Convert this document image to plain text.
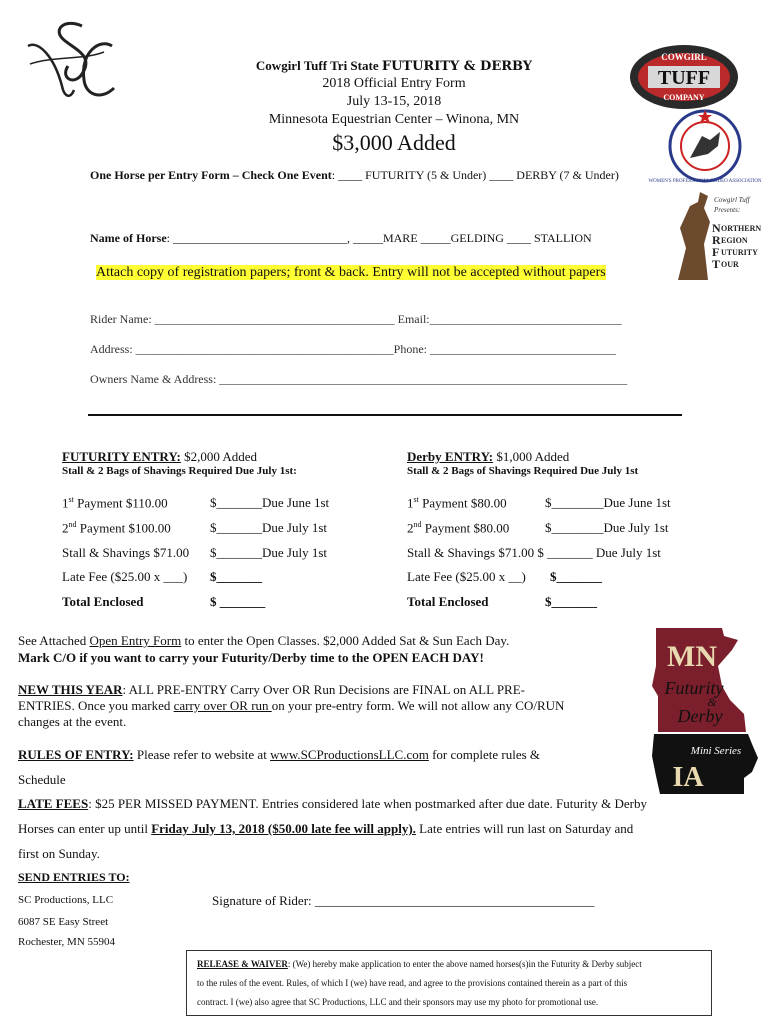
COWGIRL
TUFF
COMPANY
WOMEN'S PROFESSIONAL RODEO ASSOCIATION
Cowgirl Tuff
Presents:
N
R
F
T
ORTHERN
EGION
UTURITY
OUR
Cowgirl Tuff Tri State FUTURITY & DERBY
2018 Official Entry Form
July 13-15, 2018
Minnesota Equestrian Center – Winona, MN
$3,000 Added
One Horse per Entry Form – Check One Event: ____ FUTURITY (5 & Under) ____ DERBY (7 & Under)
Name of Horse: _____________________________, _____MARE _____GELDING ____ STALLION
Attach copy of registration papers; front & back. Entry will not be accepted without papers
Rider Name: ________________________________________ Email:________________________________
Address: ___________________________________________Phone: _______________________________
Owners Name & Address: ____________________________________________________________________
FUTURITY ENTRY: $2,000 Added
Stall & 2 Bags of Shavings Required Due July 1st:
1st Payment $110.00	$_______Due June 1st
2nd Payment $100.00	$_______Due July 1st
Stall & Shavings $71.00 $_______Due July 1st
Late Fee ($25.00 x ___) $_______
Total Enclosed	$ _______
Derby ENTRY: $1,000 Added
Stall & 2 Bags of Shavings Required Due July 1st
1st Payment $80.00	$________Due June 1st
2nd Payment $80.00	$________Due July 1st
Stall & Shavings $71.00 $ _______ Due July 1st
Late Fee ($25.00 x __) $_______
Total Enclosed	$_______
MN
Futurity
&
Derby
Mini Series
IA
See Attached Open Entry Form to enter the Open Classes. $2,000 Added Sat & Sun Each Day.
Mark C/O if you want to carry your Futurity/Derby time to the OPEN EACH DAY!
NEW THIS YEAR: ALL PRE-ENTRY Carry Over OR Run Decisions are FINAL on ALL PRE-
ENTRIES. Once you marked carry over OR run on your pre-entry form. We will not allow any CO/RUN
changes at the event.
RULES OF ENTRY: Please refer to website at www.SCProductionsLLC.com for complete rules &
Schedule
LATE FEES: $25 PER MISSED PAYMENT. Entries considered late when postmarked after due date. Futurity & Derby
Horses can enter up until Friday July 13, 2018 ($50.00 late fee will apply). Late entries will run last on Saturday and
first on Sunday.
SEND ENTRIES TO:
SC Productions, LLC
6087 SE Easy Street
Rochester, MN 55904
Signature of Rider: ___________________________________________
RELEASE & WAIVER: (We) hereby make application to enter the above named horses(s)in the Futurity & Derby subject
to the rules of the event. Rules, of which I (we) have read, and agree to the provisions contained therein as a part of this
contract. I (we) also agree that SC Productions, LLC and their sponsors may use my photo for promotional use.
